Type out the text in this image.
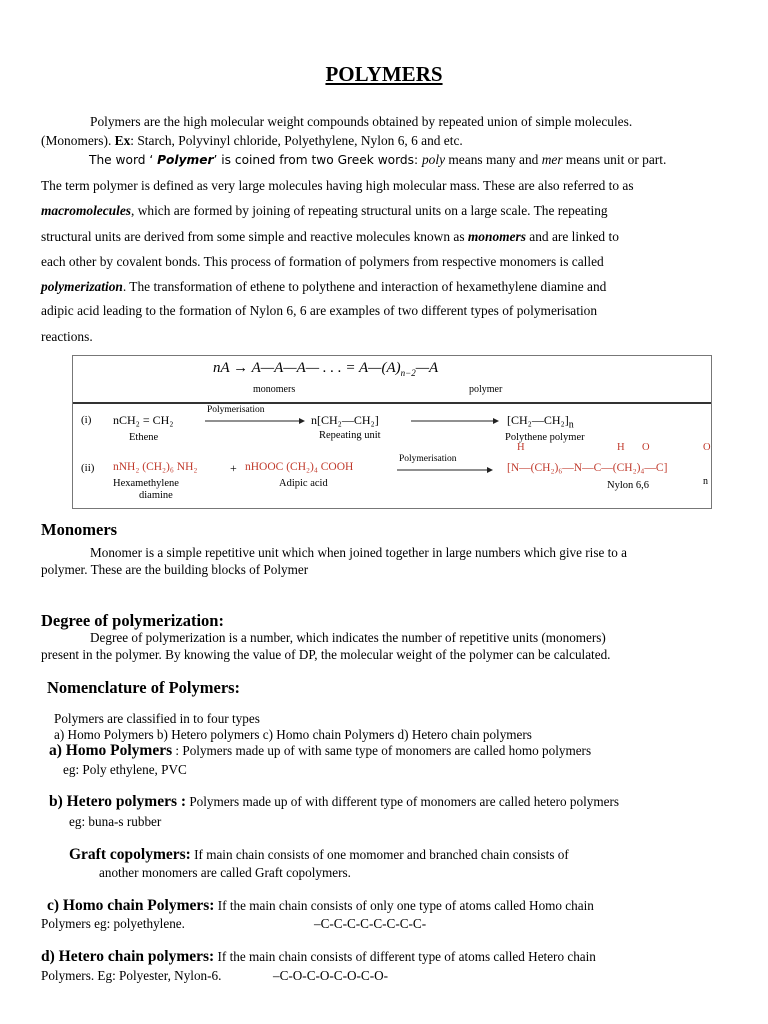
POLYMERS
Polymers are the high molecular weight compounds obtained by repeated union of simple molecules.
(Monomers). Ex: Starch, Polyvinyl chloride, Polyethylene, Nylon 6, 6 and etc.
The word ‘ Polymer’ is coined from two Greek words: poly means many and mer means unit or part.
The term polymer is defined as very large molecules having high molecular mass. These are also referred to as
macromolecules, which are formed by joining of repeating structural units on a large scale. The repeating
structural units are derived from some simple and reactive molecules known as monomers and are linked to
each other by covalent bonds. This process of formation of polymers from respective monomers is called
polymerization. The transformation of ethene to polythene and interaction of hexamethylene diamine and
adipic acid leading to the formation of Nylon 6, 6 are examples of two different types of polymerisation
reactions.
nA → A—A—A— . . . = $A—(A)_{n-2}—A$
monomers	polymer
(i) nCH₂ = CH₂
Polymerisation
n[CH₂—CH₂]	$[CH_2—CH_2]_n$
Ethene	Repeating unit	Polythene polymer
(ii) nNH₂ (CH₂)₆ NH₂	+ nHOOC (CH₂)₄ COOH
Polymerisation
H	H O	O
[N—(CH₂)₆—N—C—(CH₂)₄—C]
n
Hexamethylene
diamine
Adipic acid	Nylon 6,6
Monomers
Monomer is a simple repetitive unit which when joined together in large numbers which give rise to a
polymer. These are the building blocks of Polymer
Degree of polymerization:
Degree of polymerization is a number, which indicates the number of repetitive units (monomers)
present in the polymer. By knowing the value of DP, the molecular weight of the polymer can be calculated.
Nomenclature of Polymers:
Polymers are classified in to four types
a) Homo Polymers b) Hetero polymers c) Homo chain Polymers d) Hetero chain polymers
a) Homo Polymers : Polymers made up of with same type of monomers are called homo polymers
eg: Poly ethylene, PVC
b) Hetero polymers : Polymers made up of with different type of monomers are called hetero polymers
eg: buna-s rubber
Graft copolymers: If main chain consists of one momomer and branched chain consists of
another monomers are called Graft copolymers.
c) Homo chain Polymers: If the main chain consists of only one type of atoms called Homo chain
Polymers eg: polyethylene.	–C-C-C-C-C-C-C-C-
d) Hetero chain polymers: If the main chain consists of different type of atoms called Hetero chain
Polymers. Eg: Polyester, Nylon-6.	–C-O-C-O-C-O-C-O-
